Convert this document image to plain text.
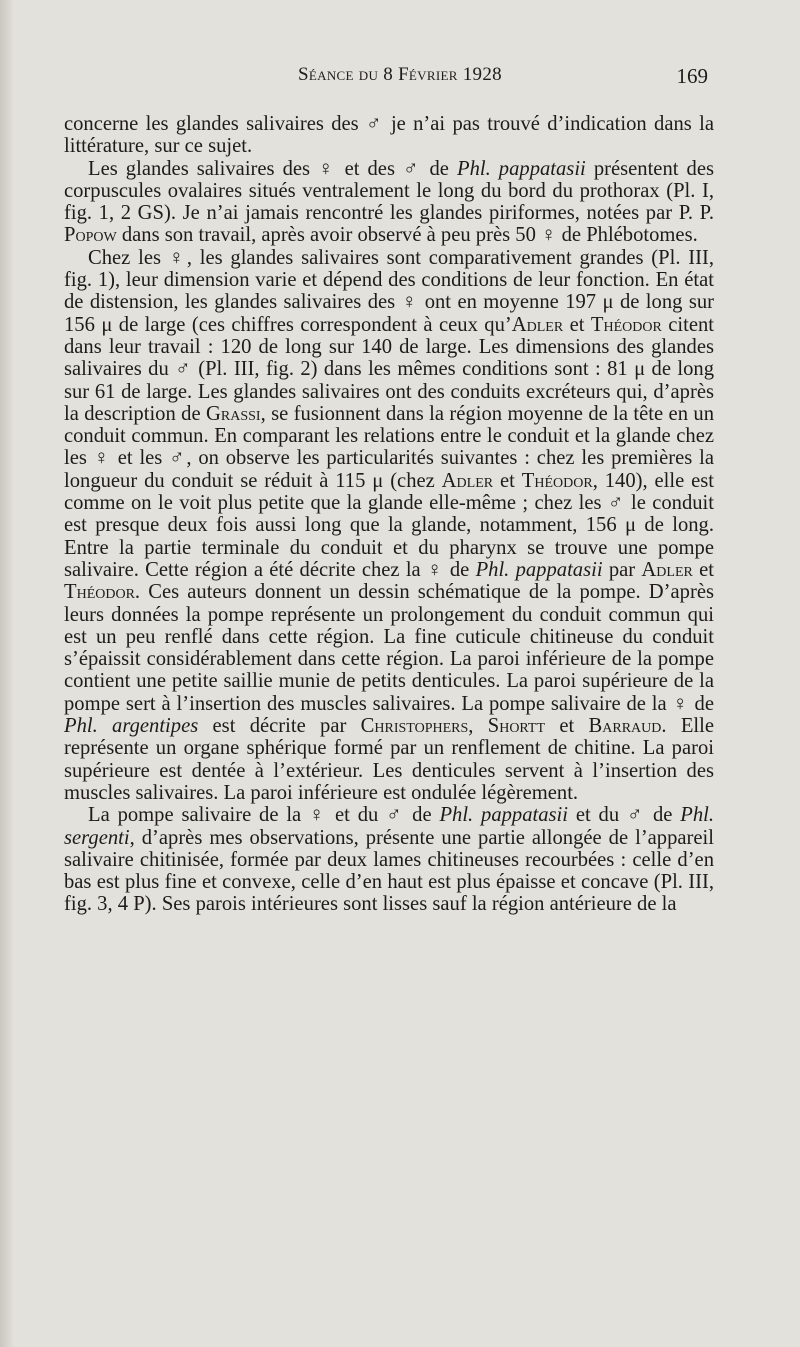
Séance du 8 Février 1928	169

concerne les glandes salivaires des ♂ je n’ai pas trouvé d’indication dans la littérature, sur ce sujet.

Les glandes salivaires des ♀ et des ♂ de Phl. pappatasii présentent des corpuscules ovalaires situés ventralement le long du bord du prothorax (Pl. I, fig. 1, 2 GS). Je n’ai jamais rencontré les glandes piriformes, notées par P. P. Popow dans son travail, après avoir observé à peu près 50 ♀ de Phlébotomes.

Chez les ♀, les glandes salivaires sont comparativement grandes (Pl. III, fig. 1), leur dimension varie et dépend des conditions de leur fonction. En état de distension, les glandes salivaires des ♀ ont en moyenne 197 μ de long sur 156 μ de large (ces chiffres correspondent à ceux qu’Adler et Théodor citent dans leur travail : 120 de long sur 140 de large. Les dimensions des glandes salivaires du ♂ (Pl. III, fig. 2) dans les mêmes conditions sont : 81 μ de long sur 61 de large. Les glandes salivaires ont des conduits excréteurs qui, d’après la description de Grassi, se fusionnent dans la région moyenne de la tête en un conduit commun. En comparant les relations entre le conduit et la glande chez les ♀ et les ♂, on observe les particularités suivantes : chez les premières la longueur du conduit se réduit à 115 μ (chez Adler et Théodor, 140), elle est comme on le voit plus petite que la glande elle-même ; chez les ♂ le conduit est presque deux fois aussi long que la glande, notamment, 156 μ de long. Entre la partie terminale du conduit et du pharynx se trouve une pompe salivaire. Cette région a été décrite chez la ♀ de Phl. pappatasii par Adler et Théodor. Ces auteurs donnent un dessin schématique de la pompe. D’après leurs données la pompe représente un prolongement du conduit commun qui est un peu renflé dans cette région. La fine cuticule chitineuse du conduit s’épaissit considérablement dans cette région. La paroi inférieure de la pompe contient une petite saillie munie de petits denticules. La paroi supérieure de la pompe sert à l’insertion des muscles salivaires. La pompe salivaire de la ♀ de Phl. argentipes est décrite par Christophers, Shortt et Barraud. Elle représente un organe sphérique formé par un renflement de chitine. La paroi supérieure est dentée à l’extérieur. Les denticules servent à l’insertion des muscles salivaires. La paroi inférieure est ondulée légèrement.

La pompe salivaire de la ♀ et du ♂ de Phl. pappatasii et du ♂ de Phl. sergenti, d’après mes observations, présente une partie allongée de l’appareil salivaire chitinisée, formée par deux lames chitineuses recourbées : celle d’en bas est plus fine et convexe, celle d’en haut est plus épaisse et concave (Pl. III, fig. 3, 4 P). Ses parois intérieures sont lisses sauf la région antérieure de la
